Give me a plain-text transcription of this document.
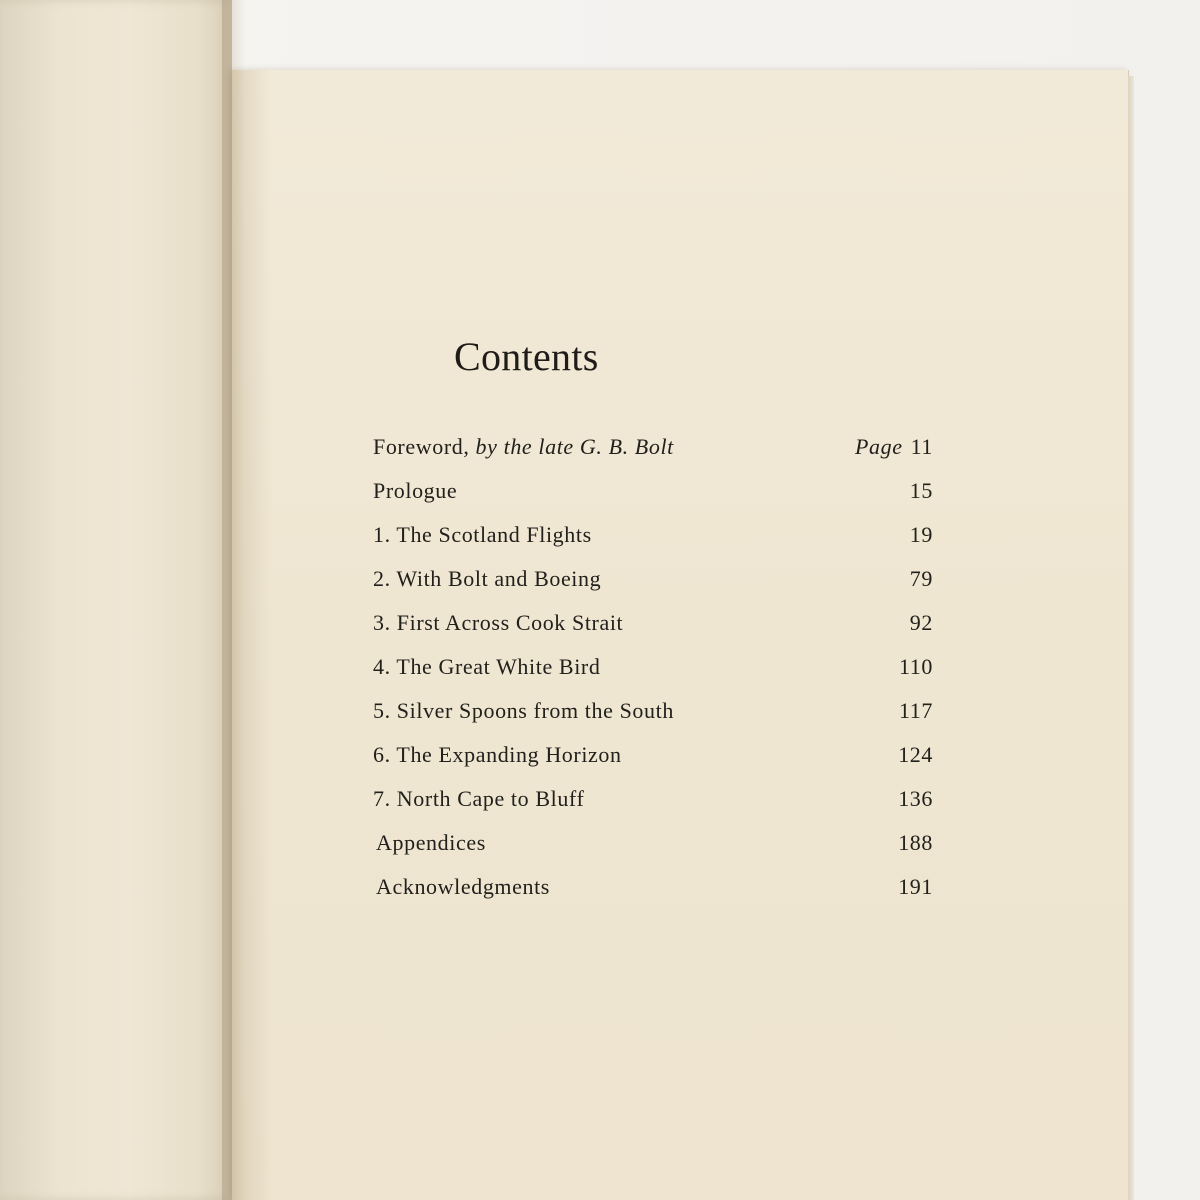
Contents
Foreword, by the late G. B. Bolt	Page 11
Prologue	15
1. The Scotland Flights	19
2. With Bolt and Boeing	79
3. First Across Cook Strait	92
4. The Great White Bird	110
5. Silver Spoons from the South	117
6. The Expanding Horizon	124
7. North Cape to Bluff	136
Appendices	188
Acknowledgments	191
